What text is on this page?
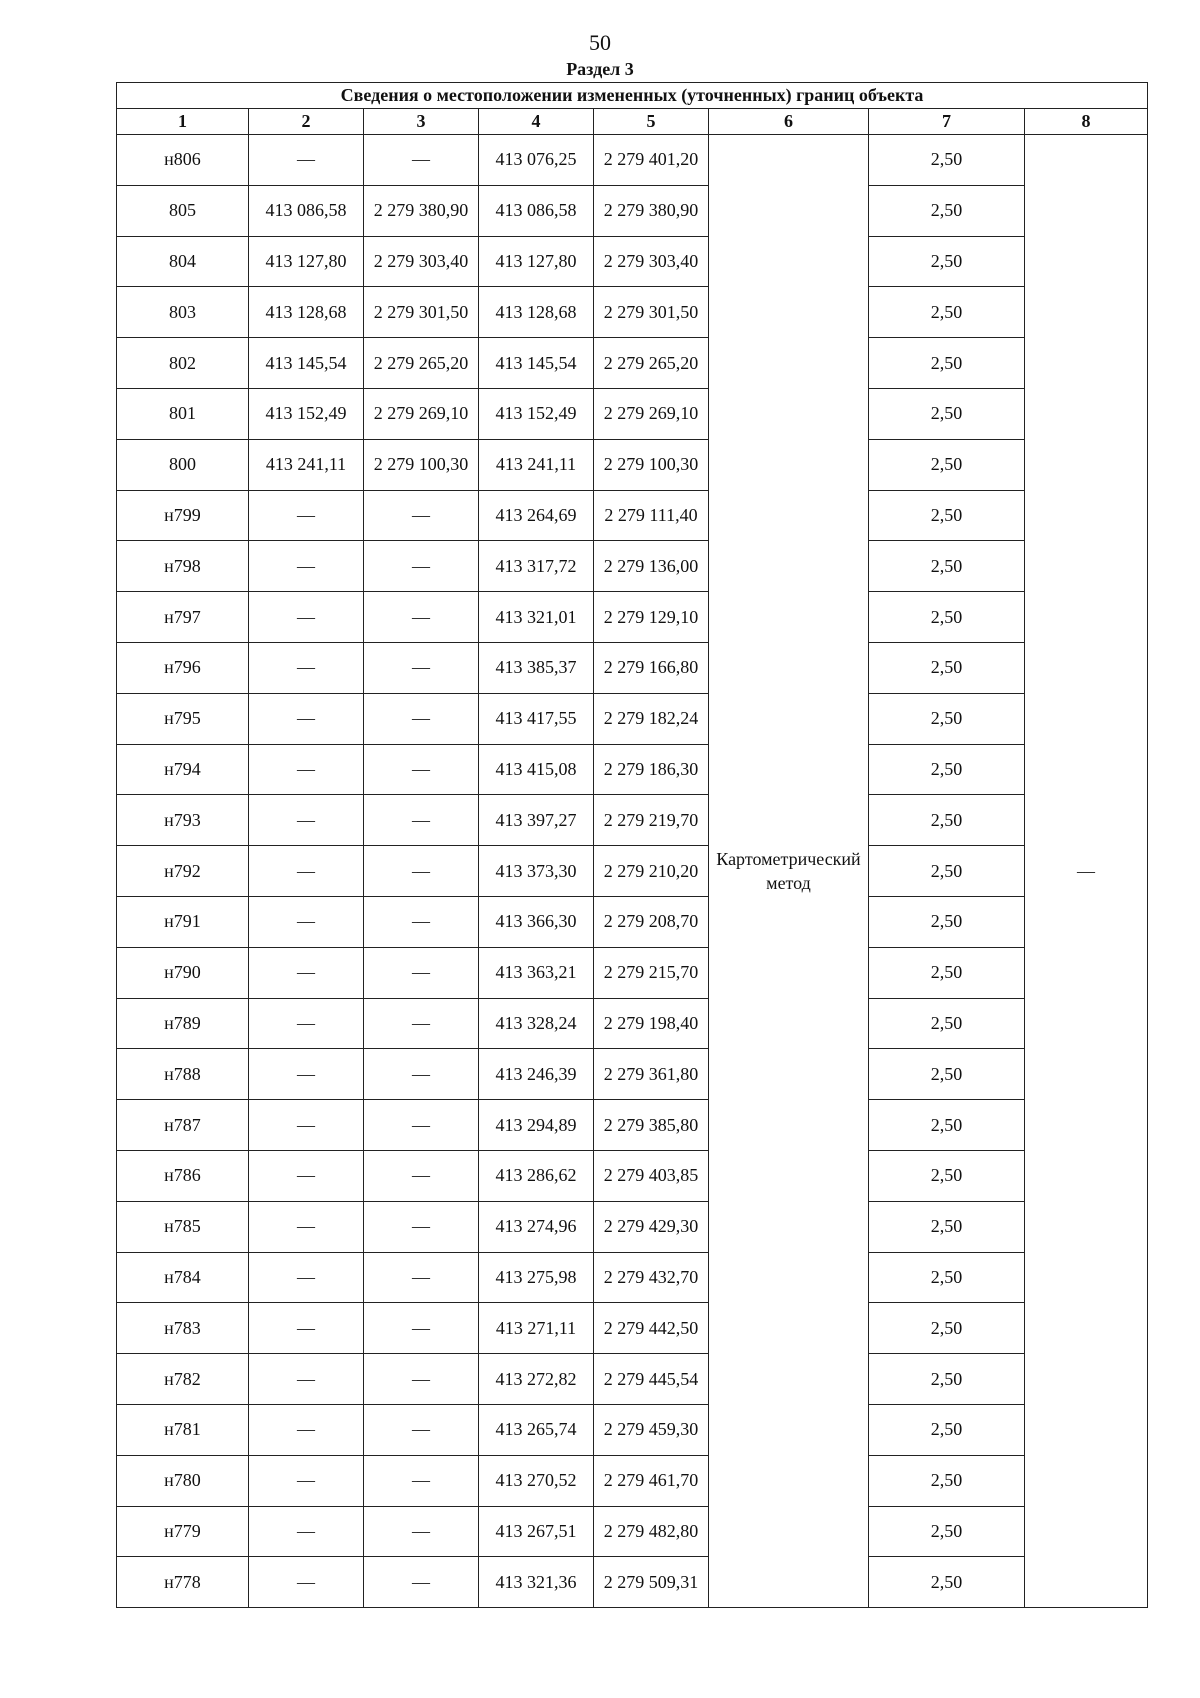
50
Раздел 3
Сведения о местоположении измененных (уточненных) границ объекта							
1	2	3	4	5	6	7	8
н806	—	—	413 076,25	2 279 401,20	Картометрический метод	2,50	—
805	413 086,58	2 279 380,90	413 086,58	2 279 380,90		2,50	
804	413 127,80	2 279 303,40	413 127,80	2 279 303,40		2,50	
803	413 128,68	2 279 301,50	413 128,68	2 279 301,50		2,50	
802	413 145,54	2 279 265,20	413 145,54	2 279 265,20		2,50	
801	413 152,49	2 279 269,10	413 152,49	2 279 269,10		2,50	
800	413 241,11	2 279 100,30	413 241,11	2 279 100,30		2,50	
н799	—	—	413 264,69	2 279 111,40		2,50	
н798	—	—	413 317,72	2 279 136,00		2,50	
н797	—	—	413 321,01	2 279 129,10		2,50	
н796	—	—	413 385,37	2 279 166,80		2,50	
н795	—	—	413 417,55	2 279 182,24		2,50	
н794	—	—	413 415,08	2 279 186,30		2,50	
н793	—	—	413 397,27	2 279 219,70		2,50	
н792	—	—	413 373,30	2 279 210,20		2,50	
н791	—	—	413 366,30	2 279 208,70		2,50	
н790	—	—	413 363,21	2 279 215,70		2,50	
н789	—	—	413 328,24	2 279 198,40		2,50	
н788	—	—	413 246,39	2 279 361,80		2,50	
н787	—	—	413 294,89	2 279 385,80		2,50	
н786	—	—	413 286,62	2 279 403,85		2,50	
н785	—	—	413 274,96	2 279 429,30		2,50	
н784	—	—	413 275,98	2 279 432,70		2,50	
н783	—	—	413 271,11	2 279 442,50		2,50	
н782	—	—	413 272,82	2 279 445,54		2,50	
н781	—	—	413 265,74	2 279 459,30		2,50	
н780	—	—	413 270,52	2 279 461,70		2,50	
н779	—	—	413 267,51	2 279 482,80		2,50	
н778	—	—	413 321,36	2 279 509,31		2,50	
